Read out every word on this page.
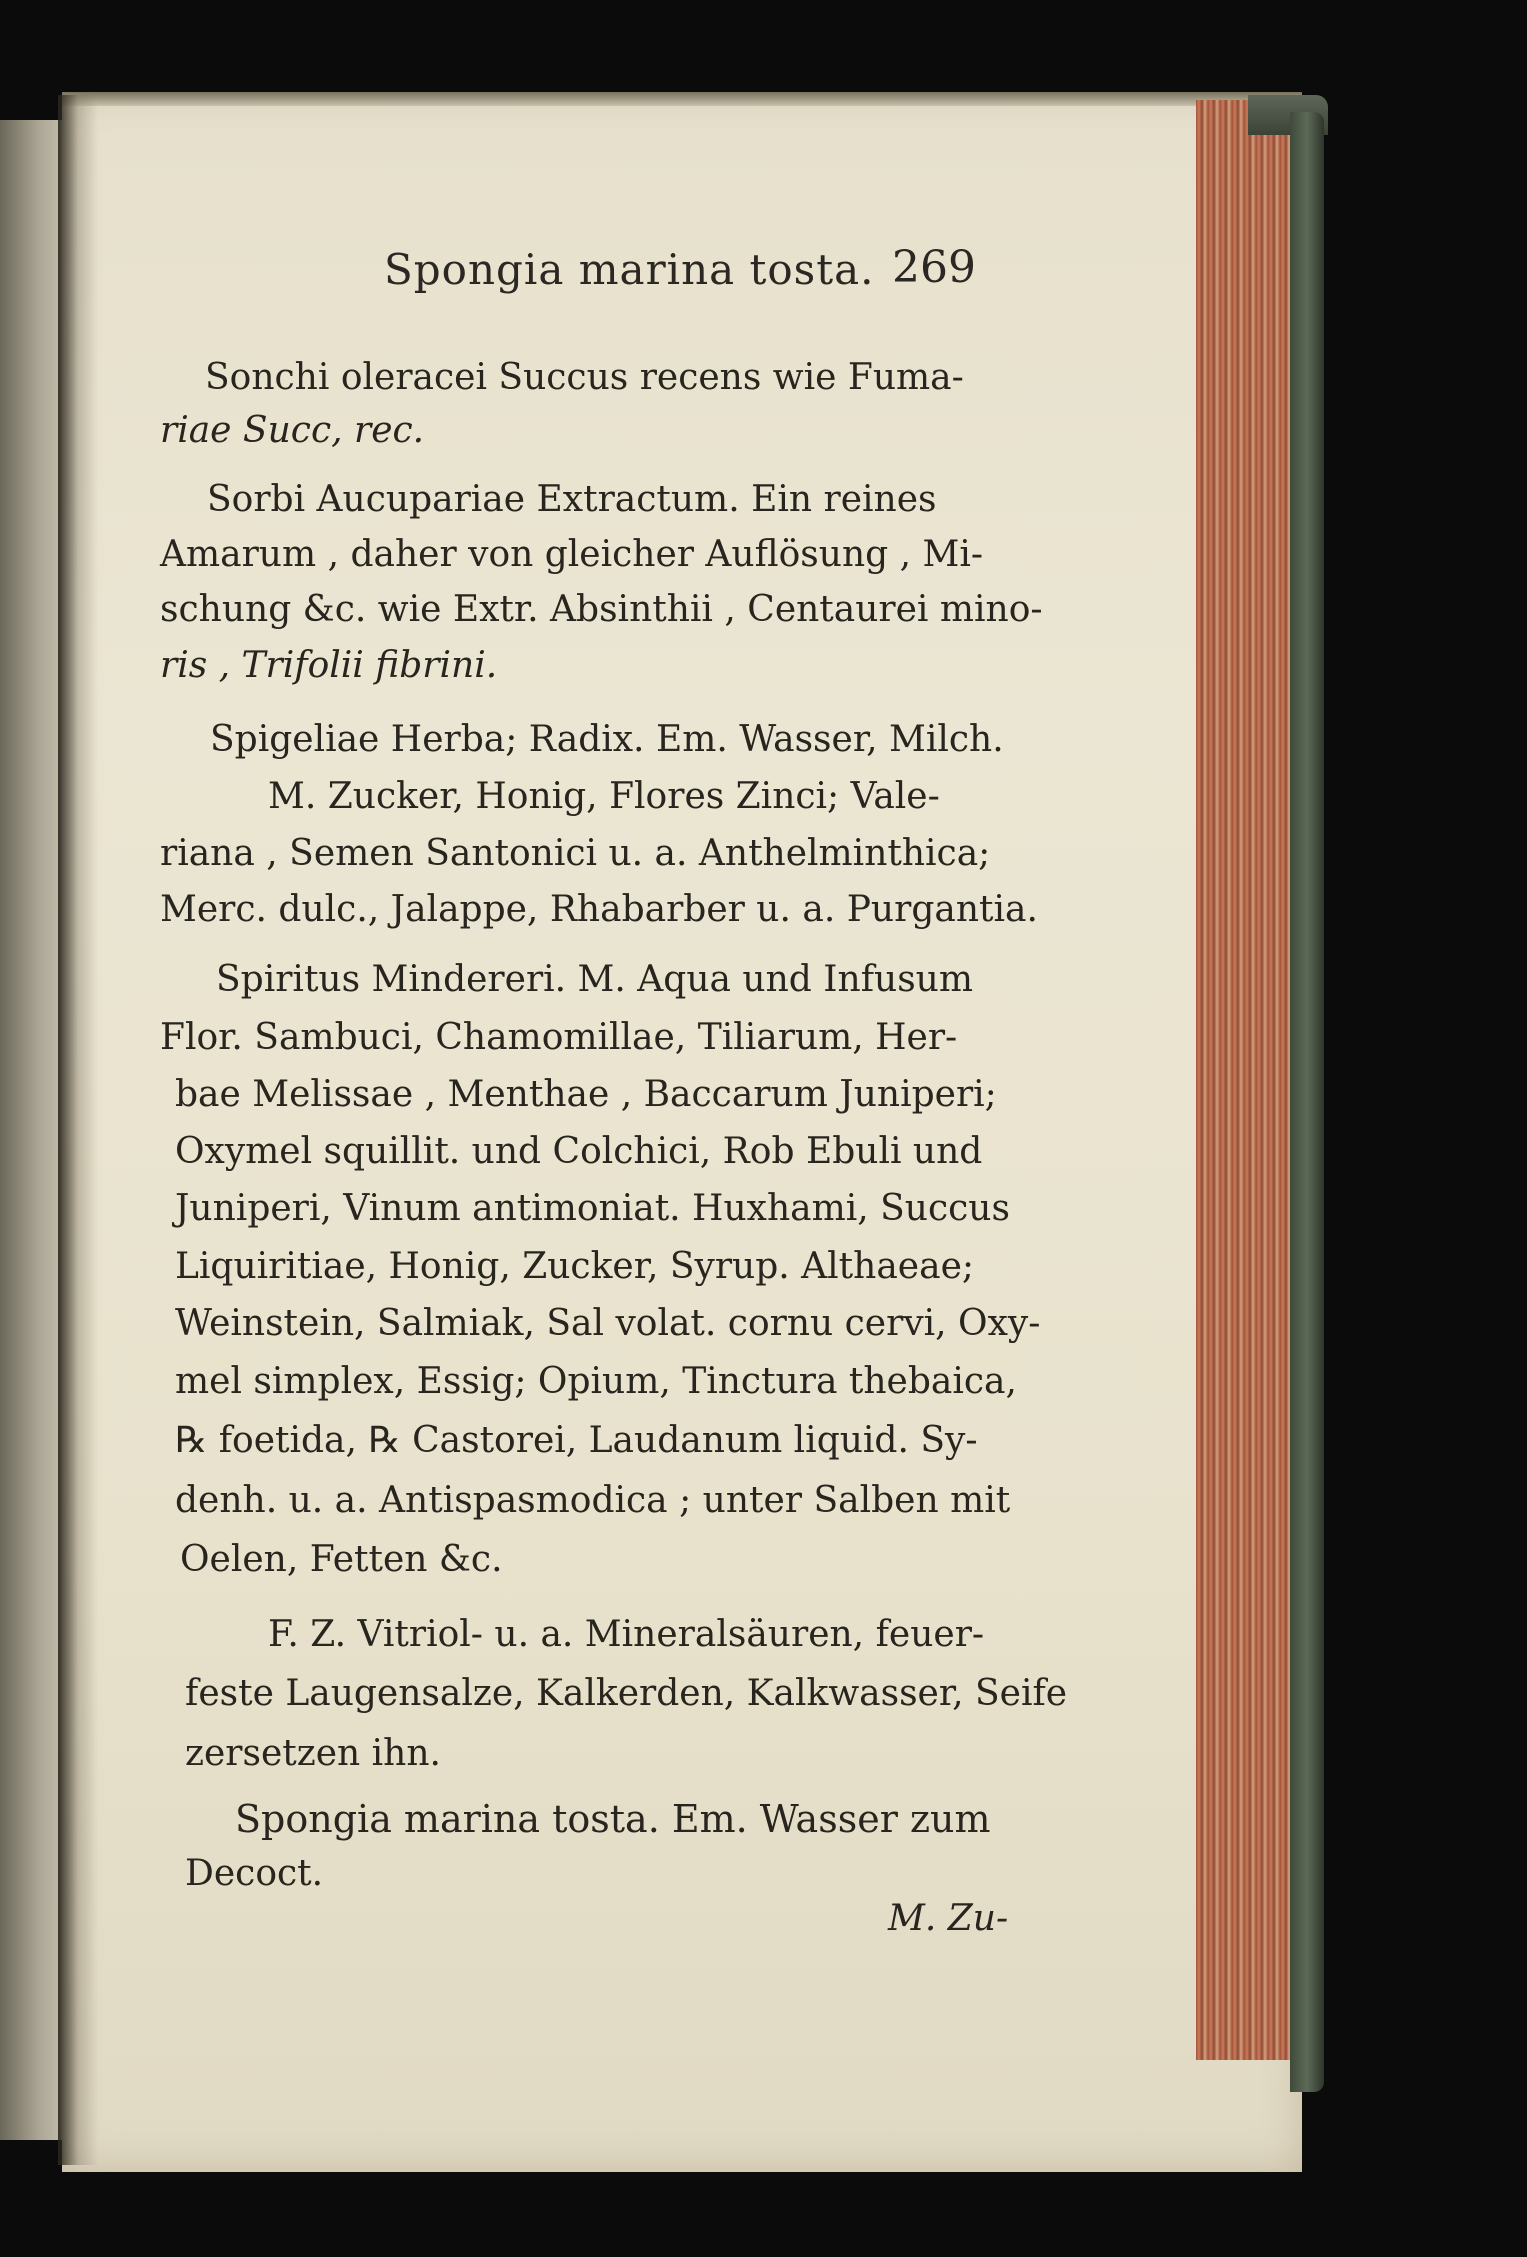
Spongia marina tosta. 269
Sonchi oleracei Succus recens wie Fuma-
riae Succ, rec.
Sorbi Aucupariae Extractum. Ein reines
Amarum , daher von gleicher Auflösung , Mi-
schung &c. wie Extr. Absinthii , Centaurei mino-
ris , Trifolii fibrini.
Spigeliae Herba; Radix. Em. Wasser, Milch.
M. Zucker, Honig, Flores Zinci; Vale-
riana , Semen Santonici u. a. Anthelminthica;
Merc. dulc., Jalappe, Rhabarber u. a. Purgantia.
Spiritus Mindereri. M. Aqua und Infusum
Flor. Sambuci, Chamomillae, Tiliarum, Her-
bae Melissae , Menthae , Baccarum Juniperi;
Oxymel squillit. und Colchici, Rob Ebuli und
Juniperi, Vinum antimoniat. Huxhami, Succus
Liquiritiae, Honig, Zucker, Syrup. Althaeae;
Weinstein, Salmiak, Sal volat. cornu cervi, Oxy-
mel simplex, Essig; Opium, Tinctura thebaica,
℞ foetida, ℞ Castorei, Laudanum liquid. Sy-
denh. u. a. Antispasmodica ; unter Salben mit
Oelen, Fetten &c.
F. Z. Vitriol- u. a. Mineralsäuren, feuer-
feste Laugensalze, Kalkerden, Kalkwasser, Seife
zersetzen ihn.
Spongia marina tosta. Em. Wasser zum
Decoct.
M. Zu-
